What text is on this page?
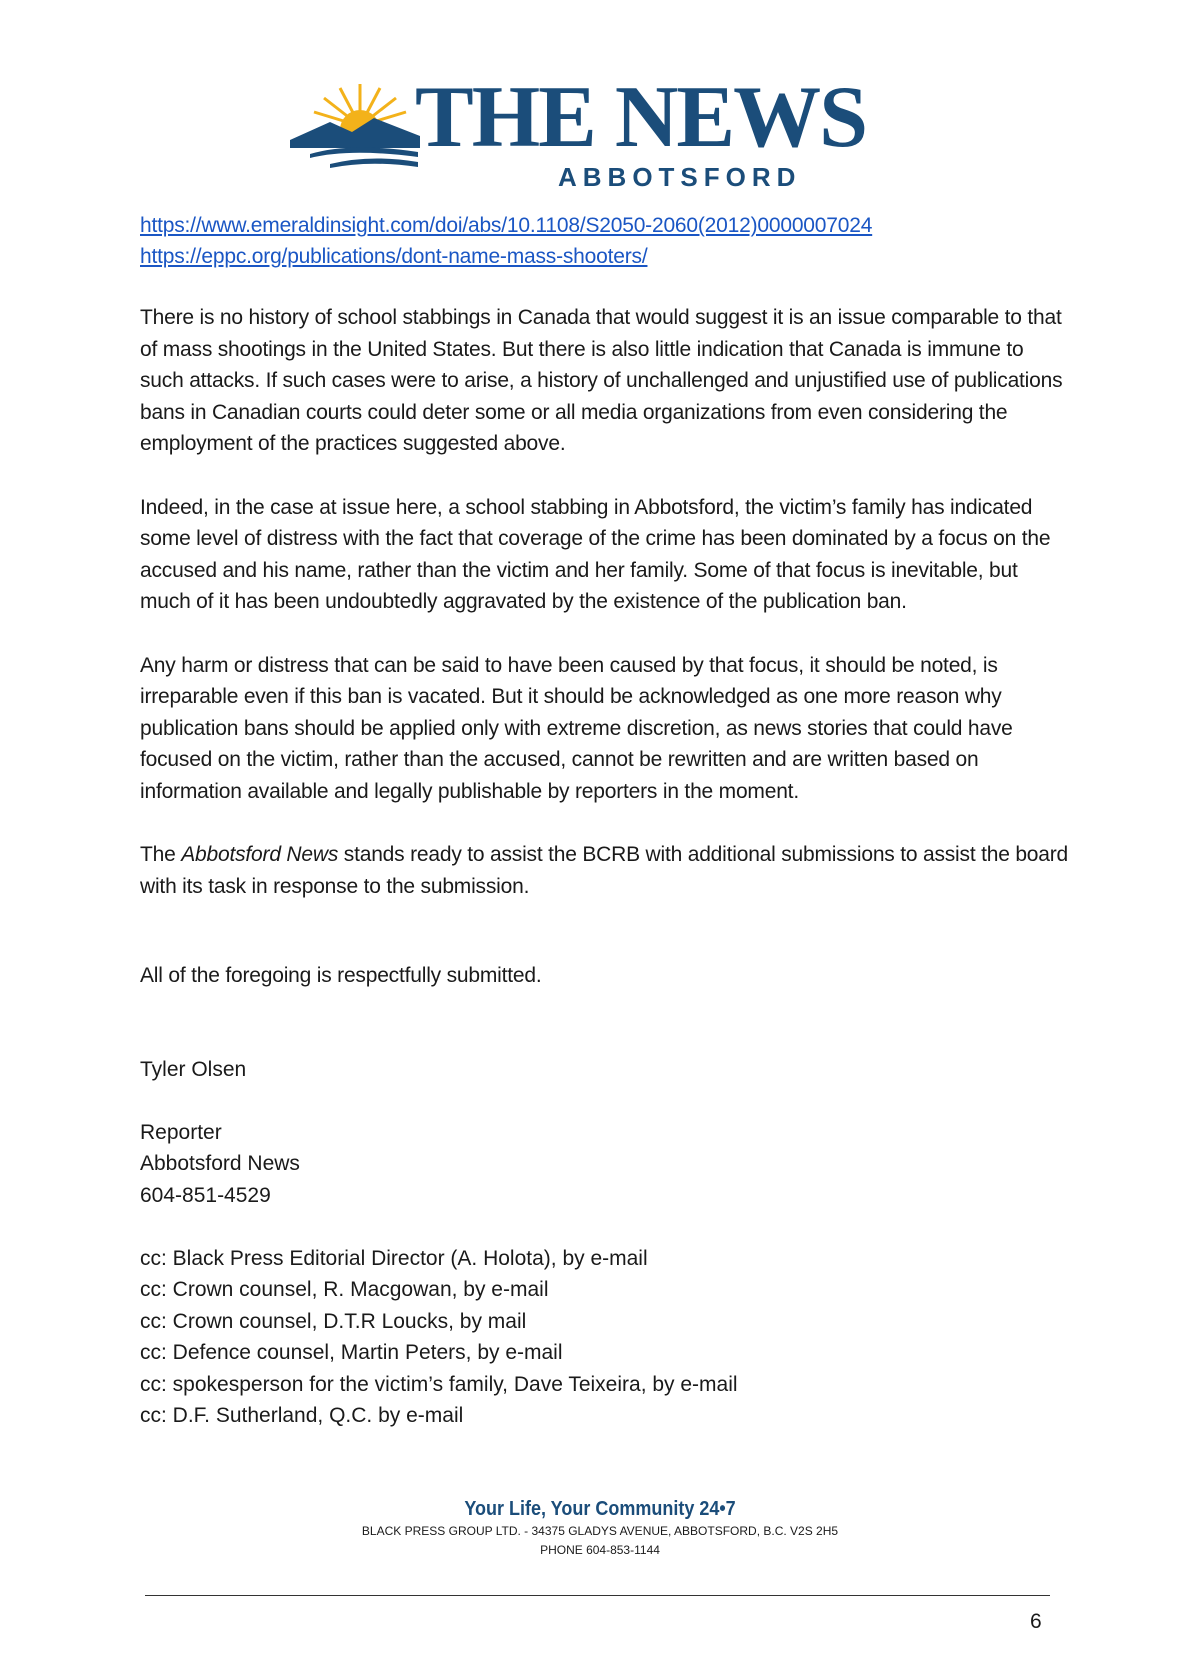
THE NEWS
ABBOTSFORD
https://www.emeraldinsight.com/doi/abs/10.1108/S2050-2060(2012)0000007024
https://eppc.org/publications/dont-name-mass-shooters/

There is no history of school stabbings in Canada that would suggest it is an issue comparable to that of mass shootings in the United States. But there is also little indication that Canada is immune to such attacks. If such cases were to arise, a history of unchallenged and unjustified use of publications bans in Canadian courts could deter some or all media organizations from even considering the employment of the practices suggested above.

Indeed, in the case at issue here, a school stabbing in Abbotsford, the victim’s family has indicated some level of distress with the fact that coverage of the crime has been dominated by a focus on the accused and his name, rather than the victim and her family. Some of that focus is inevitable, but much of it has been undoubtedly aggravated by the existence of the publication ban.

Any harm or distress that can be said to have been caused by that focus, it should be noted, is irreparable even if this ban is vacated. But it should be acknowledged as one more reason why publication bans should be applied only with extreme discretion, as news stories that could have focused on the victim, rather than the accused, cannot be rewritten and are written based on information available and legally publishable by reporters in the moment.

The Abbotsford News stands ready to assist the BCRB with additional submissions to assist the board with its task in response to the submission.

All of the foregoing is respectfully submitted.

Tyler Olsen
Reporter
Abbotsford News
604-851-4529
cc: Black Press Editorial Director (A. Holota), by e-mail
cc: Crown counsel, R. Macgowan, by e-mail
cc: Crown counsel, D.T.R Loucks, by mail
cc: Defence counsel, Martin Peters, by e-mail
cc: spokesperson for the victim’s family, Dave Teixeira, by e-mail
cc: D.F. Sutherland, Q.C. by e-mail
Your Life, Your Community 24•7
BLACK PRESS GROUP LTD. - 34375 GLADYS AVENUE, ABBOTSFORD, B.C. V2S 2H5
PHONE 604-853-1144
6
